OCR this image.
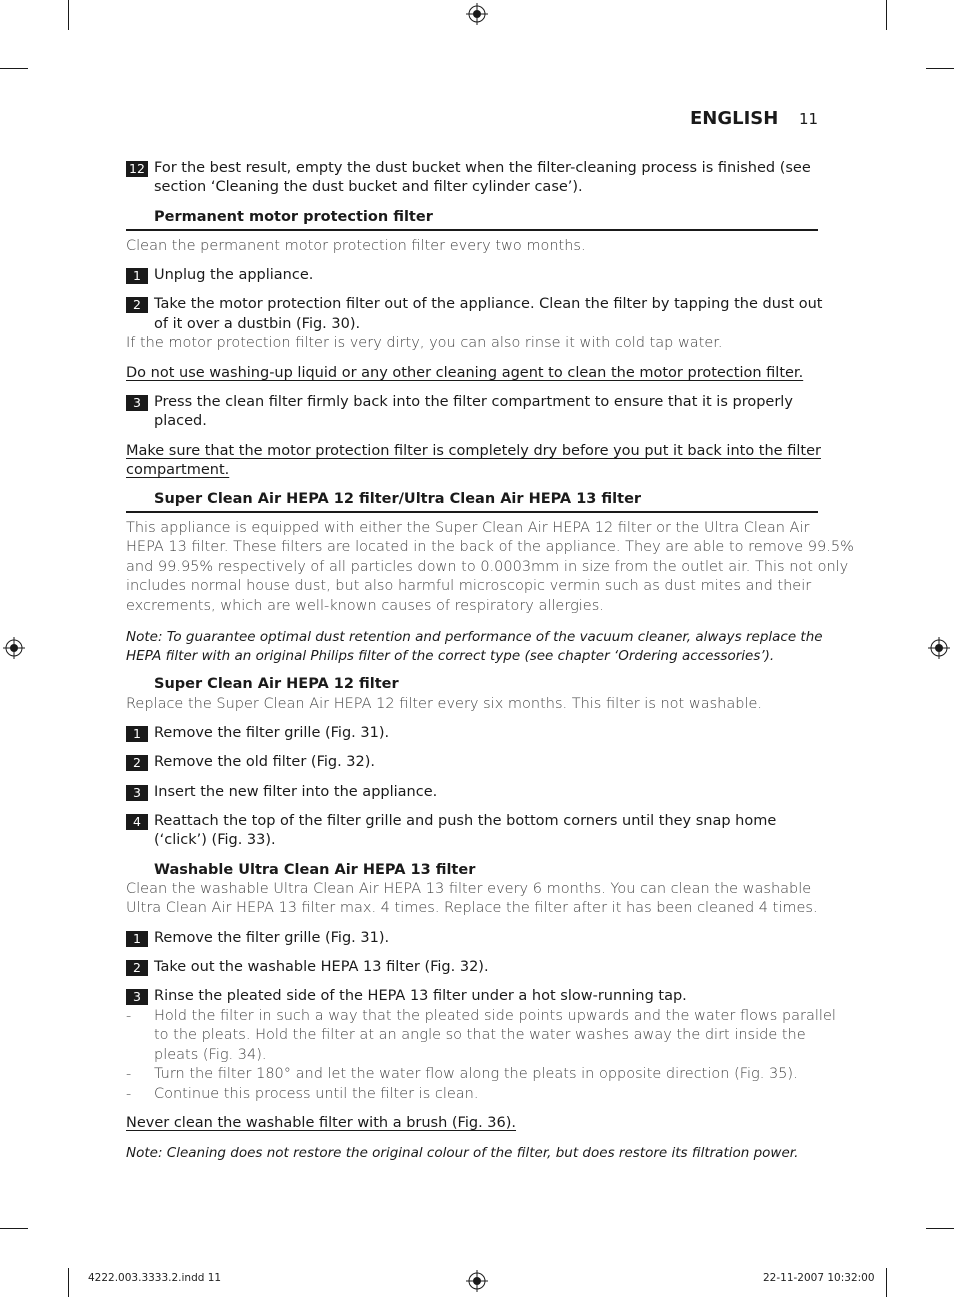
ENGLISH 11
12 For the best result, empty the dust bucket when the filter-cleaning process is finished (see
section ‘Cleaning the dust bucket and filter cylinder case’).
Permanent motor protection filter
Clean the permanent motor protection filter every two months.
1 Unplug the appliance.
2 Take the motor protection filter out of the appliance. Clean the filter by tapping the dust out
of it over a dustbin (Fig. 30).
If the motor protection filter is very dirty, you can also rinse it with cold tap water.
Do not use washing-up liquid or any other cleaning agent to clean the motor protection filter.
3 Press the clean filter firmly back into the filter compartment to ensure that it is properly
placed.
Make sure that the motor protection filter is completely dry before you put it back into the filter
compartment.
Super Clean Air HEPA 12 filter/Ultra Clean Air HEPA 13 filter
This appliance is equipped with either the Super Clean Air HEPA 12 filter or the Ultra Clean Air
HEPA 13 filter. These filters are located in the back of the appliance. They are able to remove 99.5%
and 99.95% respectively of all particles down to 0.0003mm in size from the outlet air. This not only
includes normal house dust, but also harmful microscopic vermin such as dust mites and their
excrements, which are well-known causes of respiratory allergies.
Note: To guarantee optimal dust retention and performance of the vacuum cleaner, always replace the
HEPA filter with an original Philips filter of the correct type (see chapter ‘Ordering accessories’).
Super Clean Air HEPA 12 filter
Replace the Super Clean Air HEPA 12 filter every six months. This filter is not washable.
1 Remove the filter grille (Fig. 31).
2 Remove the old filter (Fig. 32).
3 Insert the new filter into the appliance.
4 Reattach the top of the filter grille and push the bottom corners until they snap home
(‘click’) (Fig. 33).
Washable Ultra Clean Air HEPA 13 filter
Clean the washable Ultra Clean Air HEPA 13 filter every 6 months. You can clean the washable
Ultra Clean Air HEPA 13 filter max. 4 times. Replace the filter after it has been cleaned 4 times.
1 Remove the filter grille (Fig. 31).
2 Take out the washable HEPA 13 filter (Fig. 32).
3 Rinse the pleated side of the HEPA 13 filter under a hot slow-running tap.
- Hold the filter in such a way that the pleated side points upwards and the water flows parallel
to the pleats. Hold the filter at an angle so that the water washes away the dirt inside the
pleats (Fig. 34).
- Turn the filter 180° and let the water flow along the pleats in opposite direction (Fig. 35).
- Continue this process until the filter is clean.
Never clean the washable filter with a brush (Fig. 36).
Note: Cleaning does not restore the original colour of the filter, but does restore its filtration power.
4222.003.3333.2.indd 11	22-11-2007 10:32:00
